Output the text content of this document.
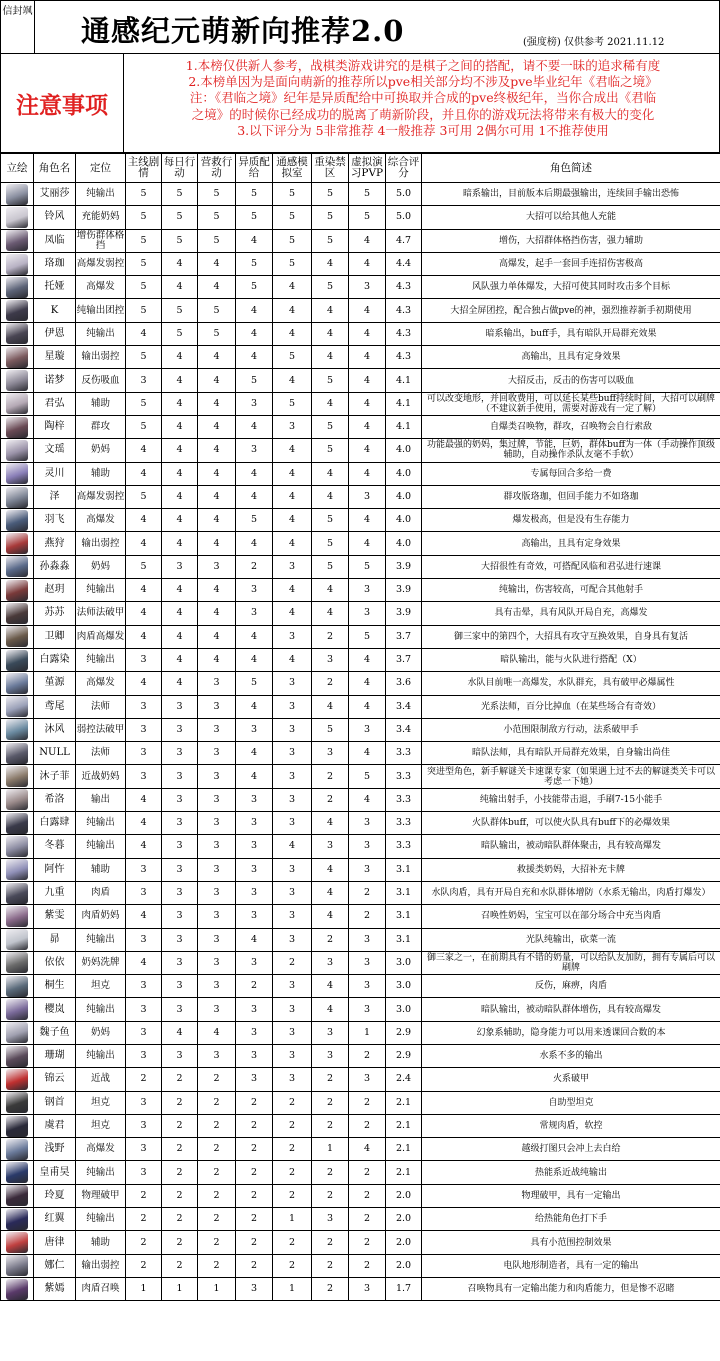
信封飒
通感纪元萌新向推荐2.0	(强度榜) 仅供参考 2021.11.12
注意事项
1.本榜仅供新人参考，战棋类游戏讲究的是棋子之间的搭配，请不要一昧的追求稀有度
2.本榜单因为是面向萌新的推荐所以pve相关部分均不涉及pve毕业纪年《君临之境》
注：《君临之境》纪年是异质配给中可换取并合成的pve终极纪年，当你合成出《君临
之境》的时候你已经成功的脱离了萌新阶段，并且你的游戏玩法将带来有极大的变化
3.以下评分为 5非常推荐 4一般推荐 3可用 2偶尔可用 1不推荐使用
立绘	角色名	定位	主线剧情	每日行动	营救行动	异质配给	通感模拟室	重染禁区	虚拟演习PVP	综合评分	角色简述

	艾丽莎	纯输出	5	5	5	5	5	5	5	5.0	暗系输出，目前版本后期最强输出，连续回手输出恐怖

	铃风	充能奶妈	5	5	5	5	5	5	5	5.0	大招可以给其他人充能

	凤临	增伤群体格挡	5	5	5	4	5	5	4	4.7	增伤，大招群体格挡伤害，强力辅助

	珞珈	高爆发弱控	5	4	4	5	5	4	4	4.4	高爆发，起手一套回手连招伤害极高

	托娅	高爆发	5	4	4	5	4	5	3	4.3	风队强力单体爆发，大招可使其同时攻击多个目标

	K	纯输出团控	5	5	5	4	4	4	4	4.3	大招全屏团控，配合独占做pve的神，强烈推荐新手初期使用

	伊恩	纯输出	4	5	5	4	4	4	4	4.3	暗系输出，buff手，具有暗队开局群充效果

	星璇	输出弱控	5	4	4	4	5	4	4	4.3	高输出，且具有定身效果

	诺梦	反伤吸血	3	4	4	5	4	5	4	4.1	大招反击，反击的伤害可以吸血

	君弘	辅助	5	4	4	3	5	4	4	4.1	可以改变地形，并回收费用，可以延长某些buff持续时间，大招可以刷牌（不建议新手使用，需要对游戏有一定了解）

	陶梓	群攻	5	4	4	4	3	5	4	4.1	自爆类召唤物，群攻，召唤物会自行索敌

	文瑶	奶妈	4	4	4	3	4	5	4	4.0	功能最强的奶妈，集过牌，节能，巨奶，群体buff为一体（手动操作顶级辅助，自动操作杀队友毫不手软）

	灵川	辅助	4	4	4	4	4	4	4	4.0	专属每回合多给一费

	泽	高爆发弱控	5	4	4	4	4	4	3	4.0	群攻版珞珈，但回手能力不如珞珈

	羽飞	高爆发	4	4	4	5	4	5	4	4.0	爆发极高，但是没有生存能力

	燕狩	输出弱控	4	4	4	4	4	5	4	4.0	高输出，且具有定身效果

	孙淼淼	奶妈	5	3	3	2	3	5	5	3.9	大招很性有奇效，可搭配风临和君弘进行速课

	赵玥	纯输出	4	4	4	3	4	4	3	3.9	纯输出，伤害较高，可配合其他射手

	苏苏	法师法破甲	4	4	4	3	4	4	3	3.9	具有击晕，具有风队开局自充，高爆发

	卫卿	肉盾高爆发	4	4	4	4	3	2	5	3.7	御三家中的第四个，大招具有攻守互换效果，自身具有复活

	白露染	纯输出	3	4	4	4	4	3	4	3.7	暗队输出，能与火队进行搭配（X）

	堇源	高爆发	4	4	3	5	3	2	4	3.6	水队目前唯一高爆发，水队群充，具有破甲必爆属性

	鸢尾	法师	3	3	3	4	3	4	4	3.4	光系法师，百分比掉血（在某些场合有奇效）

	沐风	弱控法破甲	3	3	3	3	3	5	3	3.4	小范围限制敌方行动，法系破甲手

	NULL	法师	3	3	3	4	3	3	4	3.3	暗队法师，具有暗队开局群充效果，自身输出尚佳

	沐子菲	近战奶妈	3	3	3	4	3	2	5	3.3	突进型角色，新手解谜关卡速课专家（如果遇上过不去的解谜类关卡可以考虑一下她）

	希洛	输出	4	3	3	3	3	2	4	3.3	纯输出射手，小技能带击退，手刷7-15小能手

	白露肆	纯输出	4	3	3	3	3	4	3	3.3	火队群体buff，可以使火队具有buff下的必爆效果

	冬暮	纯输出	4	3	3	3	4	3	3	3.3	暗队输出，被动暗队群体聚击，具有较高爆发

	阿忤	辅助	3	3	3	3	3	4	3	3.1	救援类奶妈，大招补充卡牌

	九重	肉盾	3	3	3	3	3	4	2	3.1	水队肉盾，具有开局自充和水队群体增防（水系无输出，肉盾打爆发）

	紫雯	肉盾奶妈	4	3	3	3	3	4	2	3.1	召唤性奶妈，宝宝可以在部分场合中充当肉盾

	昴	纯输出	3	3	3	4	3	2	3	3.1	光队纯输出，砍菜一流

	依依	奶妈洗牌	4	3	3	3	2	3	3	3.0	御三家之一，在前期具有不错的奶量，可以给队友加防，拥有专属后可以刷牌

	桐生	坦克	3	3	3	2	3	4	3	3.0	反伤，麻痹，肉盾

	樱岚	纯输出	3	3	3	3	3	4	3	3.0	暗队输出，被动暗队群体增伤，具有较高爆发

	魏子鱼	奶妈	3	4	4	3	3	3	1	2.9	幻象系辅助，隐身能力可以用来透课回合数的本

	珊瑚	纯输出	3	3	3	3	3	3	2	2.9	水系不多的输出

	锦云	近战	2	2	2	3	3	2	3	2.4	火系破甲

	钢首	坦克	3	2	2	2	2	2	2	2.1	自助型坦克

	虞君	坦克	3	2	2	2	2	2	2	2.1	常规肉盾，软控

	浅野	高爆发	3	2	2	2	2	1	4	2.1	越级打图只会冲上去白给

	皇甫昊	纯输出	3	2	2	2	2	2	2	2.1	热能系近战纯输出

	玲夏	物理破甲	2	2	2	2	2	2	2	2.0	物理破甲，具有一定输出

	红翼	纯输出	2	2	2	2	1	3	2	2.0	给热能角色打下手

	唐律	辅助	2	2	2	2	2	2	2	2.0	具有小范围控制效果

	娜仁	输出弱控	2	2	2	2	2	2	2	2.0	电队地形制造者，具有一定的输出

	紫嫣	肉盾召唤	1	1	1	3	1	2	3	1.7	召唤物具有一定输出能力和肉盾能力，但是惨不忍睹
